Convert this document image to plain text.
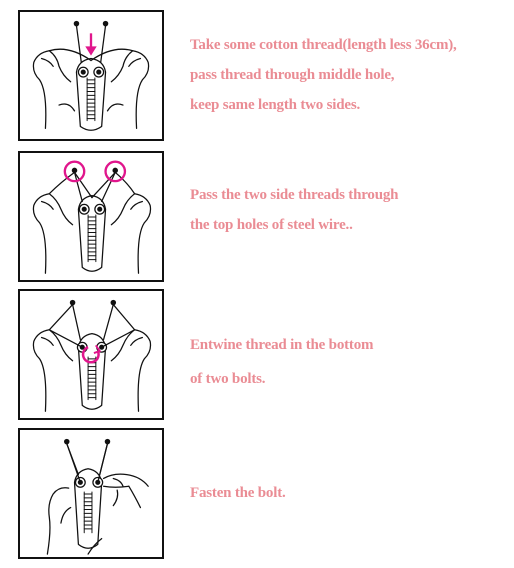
Take some cotton thread(length less 36cm),
pass thread through middle hole,
keep same length two sides.
Pass the two side threads through
the top holes of steel wire..
Entwine thread in the bottom
of two bolts.
Fasten the bolt.
